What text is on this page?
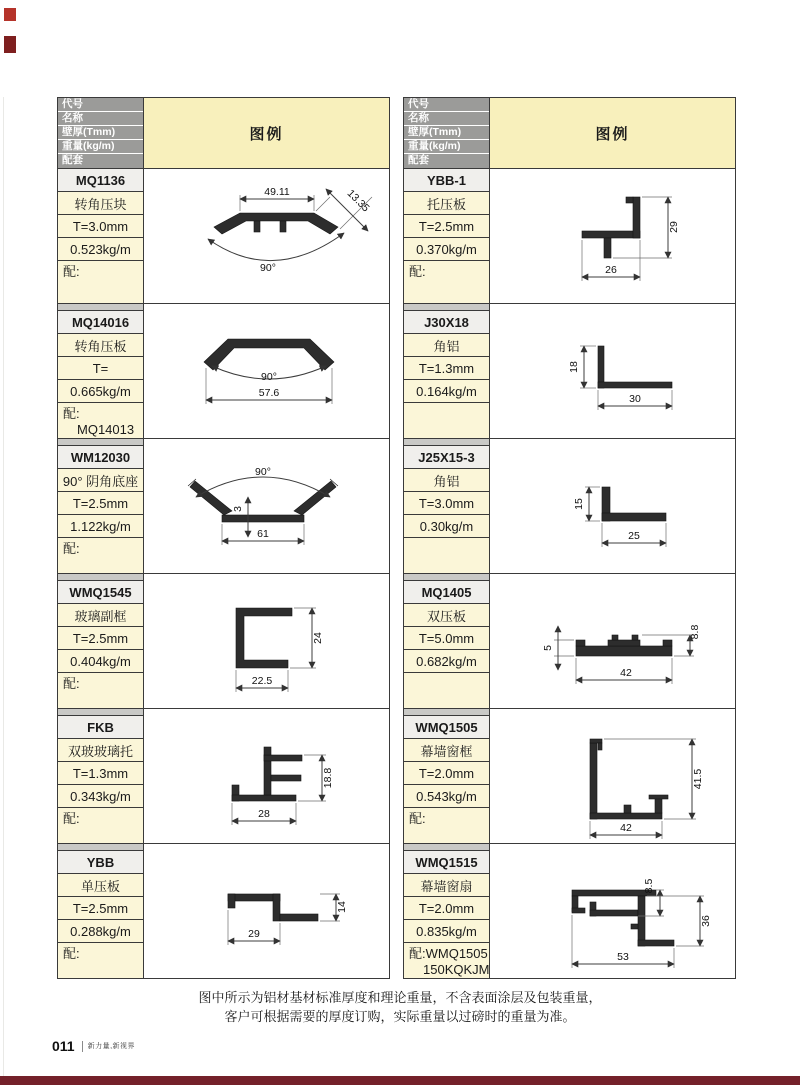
代号
名称
壁厚(Tmm)
重量(kg/m)
配套
图例
MQ1136
转角压块
T=3.0mm
0.523kg/m
配:
49.11	13.35
90°
MQ14016
转角压板
T=
0.665kg/m
配:
MQ14013
90°
57.6
WM12030
90° 阴角底座
T=2.5mm
1.122kg/m
配:
90°
3
61
WMQ1545
玻璃副框
T=2.5mm
0.404kg/m
配:
24
22.5
FKB
双玻玻璃托
T=1.3mm
0.343kg/m
配:
18.8
28
YBB
单压板
T=2.5mm
0.288kg/m
配:
14
29
代号
名称
壁厚(Tmm)
重量(kg/m)
配套
图例
YBB-1
托压板
T=2.5mm
0.370kg/m
配:
29
26
J30X18
角铝
T=1.3mm
0.164kg/m
18
30
J25X15-3
角铝
T=3.0mm
0.30kg/m
15
25
MQ1405
双压板
T=5.0mm
0.682kg/m
8.8
5
42
WMQ1505
幕墙窗框
T=2.0mm
0.543kg/m
配:
41.5
42
WMQ1515
幕墙窗扇
T=2.0mm
0.835kg/m
配:WMQ1505
150KQKJM
8.5
36
53
图中所示为铝材基材标准厚度和理论重量，不含表面涂层及包装重量，
客户可根据需要的厚度订购，实际重量以过磅时的重量为准。
011 新力量,新视界
